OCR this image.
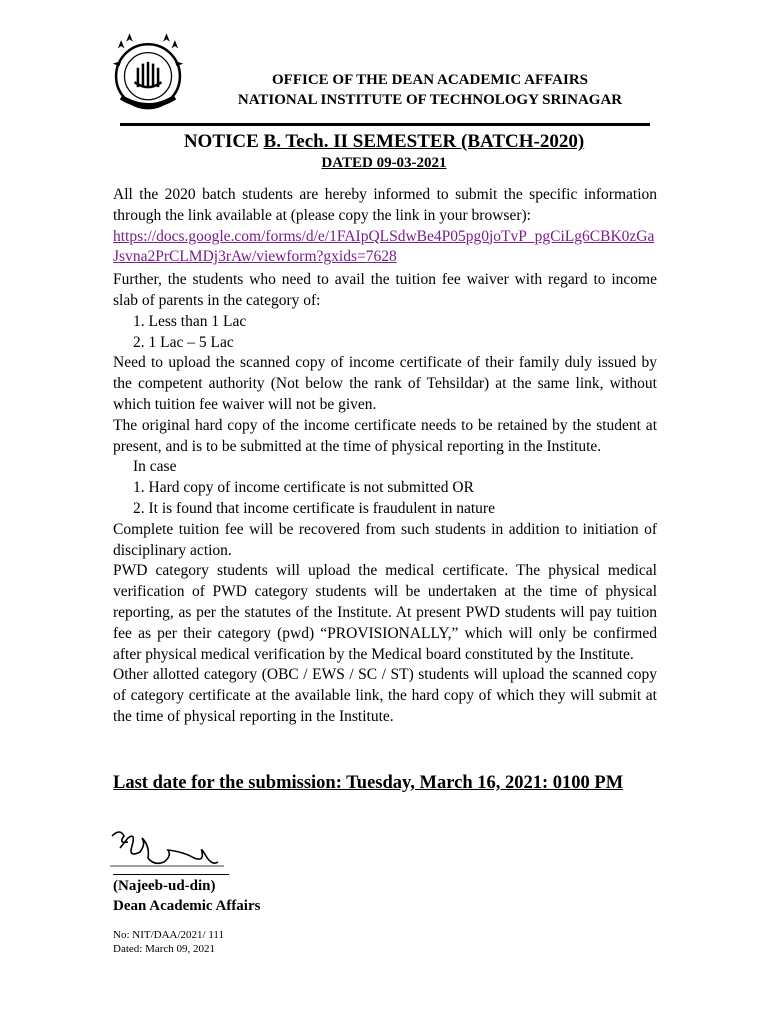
OFFICE OF THE DEAN ACADEMIC AFFAIRS
NATIONAL INSTITUTE OF TECHNOLOGY SRINAGAR
NOTICE B. Tech. II SEMESTER (BATCH-2020)
DATED 09-03-2021

All the 2020 batch students are hereby informed to submit the specific information through the link available at (please copy the link in your browser):

https://docs.google.com/forms/d/e/1FAIpQLSdwBe4P05pg0joTvP_pgCiLg6CBK0zGaJsvna2PrCLMDj3rAw/viewform?gxids=7628

Further, the students who need to avail the tuition fee waiver with regard to income slab of parents in the category of:

1. Less than 1 Lac
2. 1 Lac – 5 Lac

Need to upload the scanned copy of income certificate of their family duly issued by the competent authority (Not below the rank of Tehsildar) at the same link, without which tuition fee waiver will not be given.

The original hard copy of the income certificate needs to be retained by the student at present, and is to be submitted at the time of physical reporting in the Institute.

In case
1. Hard copy of income certificate is not submitted OR
2. It is found that income certificate is fraudulent in nature

Complete tuition fee will be recovered from such students in addition to initiation of disciplinary action.

PWD category students will upload the medical certificate. The physical medical verification of PWD category students will be undertaken at the time of physical reporting, as per the statutes of the Institute. At present PWD students will pay tuition fee as per their category (pwd) “PROVISIONALLY,” which will only be confirmed after physical medical verification by the Medical board constituted by the Institute.

Other allotted category (OBC / EWS / SC / ST) students will upload the scanned copy of category certificate at the available link, the hard copy of which they will submit at the time of physical reporting in the Institute.

Last date for the submission: Tuesday, March 16, 2021: 0100 PM
(Najeeb-ud-din)
Dean Academic Affairs
No: NIT/DAA/2021/ 111
Dated: March 09, 2021
